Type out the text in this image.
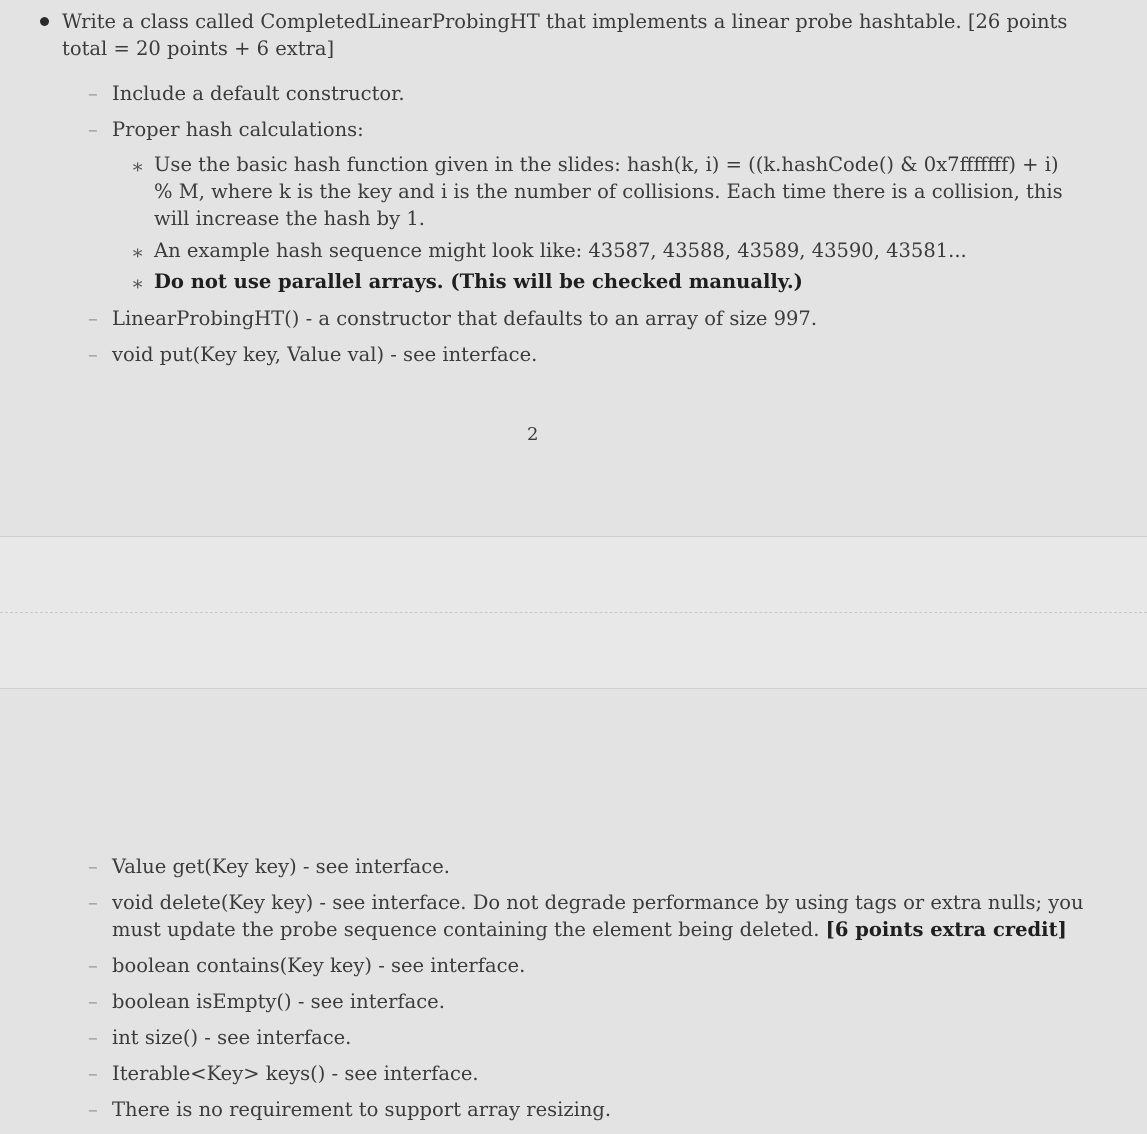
Write a class called CompletedLinearProbingHT that implements a linear probe hashtable. [26 points
total = 20 points + 6 extra]
– Include a default constructor.
– Proper hash calculations:
∗ Use the basic hash function given in the slides: hash(k, i) = ((k.hashCode() & 0x7fffffff) + i)
% M, where k is the key and i is the number of collisions. Each time there is a collision, this
will increase the hash by 1.
∗ An example hash sequence might look like: 43587, 43588, 43589, 43590, 43581...
∗ Do not use parallel arrays. (This will be checked manually.)
– LinearProbingHT() - a constructor that defaults to an array of size 997.
– void put(Key key, Value val) - see interface.
2
– Value get(Key key) - see interface.
– void delete(Key key) - see interface. Do not degrade performance by using tags or extra nulls; you
must update the probe sequence containing the element being deleted. [6 points extra credit]
– boolean contains(Key key) - see interface.
– boolean isEmpty() - see interface.
– int size() - see interface.
– Iterable<Key> keys() - see interface.
– There is no requirement to support array resizing.
